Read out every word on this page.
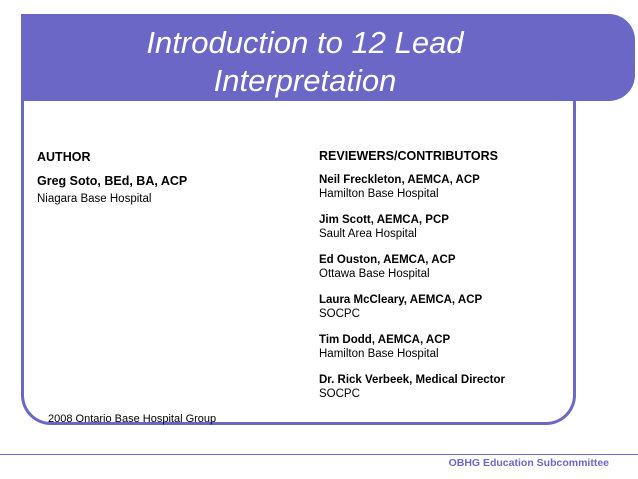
Introduction to 12 Lead
Interpretation

AUTHOR

Greg Soto, BEd, BA, ACP

Niagara Base Hospital

REVIEWERS/CONTRIBUTORS

Neil Freckleton, AEMCA, ACP
Hamilton Base Hospital
Jim Scott, AEMCA, PCP
Sault Area Hospital
Ed Ouston, AEMCA, ACP
Ottawa Base Hospital
Laura McCleary, AEMCA, ACP
SOCPC
Tim Dodd, AEMCA, ACP
Hamilton Base Hospital
Dr. Rick Verbeek, Medical Director
SOCPC
2008 Ontario Base Hospital Group
OBHG Education Subcommittee
